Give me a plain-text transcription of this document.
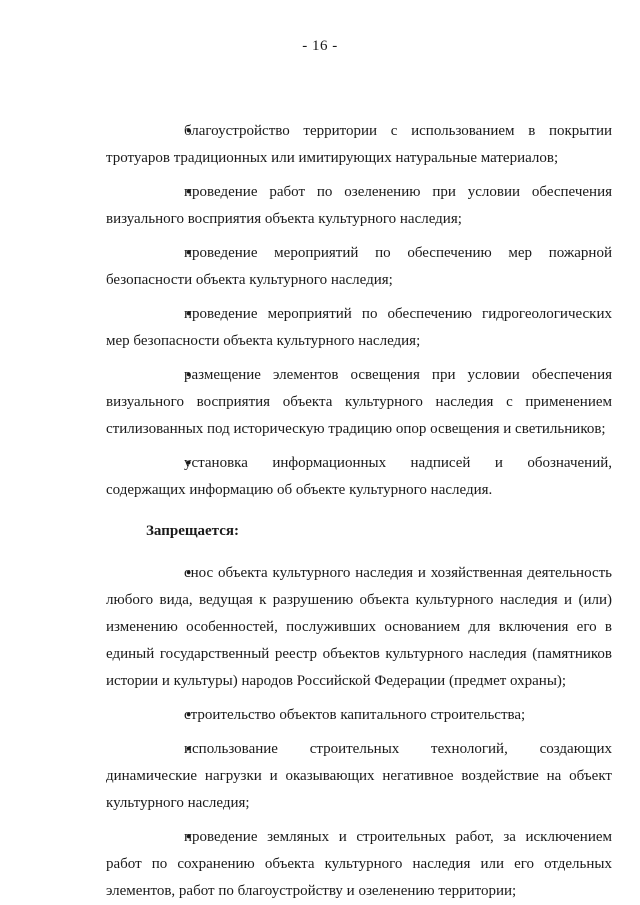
- 16 -

● благоустройство территории с использованием в покрытии тротуаров традиционных или имитирующих натуральные материалов;

● проведение работ по озеленению при условии обеспечения визуального восприятия объекта культурного наследия;

● проведение мероприятий по обеспечению мер пожарной безопасности объекта культурного наследия;

● проведение мероприятий по обеспечению гидрогеологических мер безопасности объекта культурного наследия;

● размещение элементов освещения при условии обеспечения визуального восприятия объекта культурного наследия с применением стилизованных под историческую традицию опор освещения и светильников;

● установка информационных надписей и обозначений, содержащих информацию об объекте культурного наследия.

Запрещается:

● снос объекта культурного наследия и хозяйственная деятельность любого вида, ведущая к разрушению объекта культурного наследия и (или) изменению особенностей, послуживших основанием для включения его в единый государственный реестр объектов культурного наследия (памятников истории и культуры) народов Российской Федерации (предмет охраны);

● строительство объектов капитального строительства;

● использование строительных технологий, создающих динамические нагрузки и оказывающих негативное воздействие на объект культурного наследия;

● проведение земляных и строительных работ, за исключением работ по сохранению объекта культурного наследия или его отдельных элементов, работ по благоустройству и озеленению территории;
